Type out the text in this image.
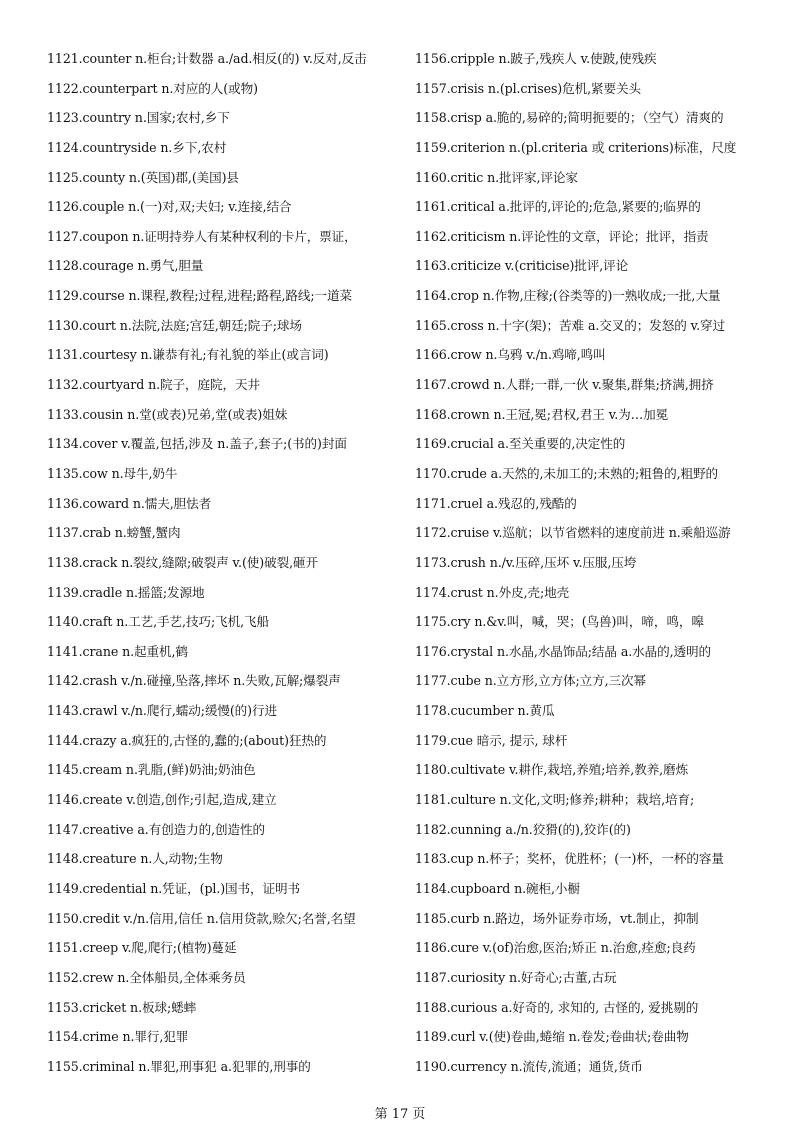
1121.counter n.柜台;计数器 a./ad.相反(的) v.反对,反击
1122.counterpart n.对应的人(或物)
1123.country n.国家;农村,乡下
1124.countryside n.乡下,农村
1125.county n.(英国)郡,(美国)县
1126.couple n.(一)对,双;夫妇; v.连接,结合
1127.coupon n.证明持券人有某种权利的卡片，票证，
1128.courage n.勇气,胆量
1129.course n.课程,教程;过程,进程;路程,路线;一道菜
1130.court n.法院,法庭;宫廷,朝廷;院子;球场
1131.courtesy n.谦恭有礼;有礼貌的举止(或言词)
1132.courtyard n.院子，庭院，天井
1133.cousin n.堂(或表)兄弟,堂(或表)姐妹
1134.cover v.覆盖,包括,涉及 n.盖子,套子;(书的)封面
1135.cow n.母牛,奶牛
1136.coward n.懦夫,胆怯者
1137.crab n.螃蟹,蟹肉
1138.crack n.裂纹,缝隙;破裂声 v.(使)破裂,砸开
1139.cradle n.摇篮;发源地
1140.craft n.工艺,手艺,技巧;飞机,飞船
1141.crane n.起重机,鹤
1142.crash v./n.碰撞,坠落,摔坏 n.失败,瓦解;爆裂声
1143.crawl v./n.爬行,蠕动;缓慢(的)行进
1144.crazy a.疯狂的,古怪的,蠢的;(about)狂热的
1145.cream n.乳脂,(鲜)奶油;奶油色
1146.create v.创造,创作;引起,造成,建立
1147.creative a.有创造力的,创造性的
1148.creature n.人,动物;生物
1149.credential n.凭证，(pl.)国书，证明书
1150.credit v./n.信用,信任 n.信用贷款,赊欠;名誉,名望
1151.creep v.爬,爬行;(植物)蔓延
1152.crew n.全体船员,全体乘务员
1153.cricket n.板球;蟋蟀
1154.crime n.罪行,犯罪
1155.criminal n.罪犯,刑事犯 a.犯罪的,刑事的
1156.cripple n.跛子,残疾人 v.使跛,使残疾
1157.crisis n.(pl.crises)危机,紧要关头
1158.crisp a.脆的,易碎的;简明扼要的；（空气）清爽的
1159.criterion n.(pl.criteria 或 criterions)标准，尺度
1160.critic n.批评家,评论家
1161.critical a.批评的,评论的;危急,紧要的;临界的
1162.criticism n.评论性的文章，评论；批评，指责
1163.criticize v.(criticise)批评,评论
1164.crop n.作物,庄稼;(谷类等的)一熟收成;一批,大量
1165.cross n.十字(架)；苦难 a.交叉的；发怒的 v.穿过
1166.crow n.乌鸦 v./n.鸡啼,鸣叫
1167.crowd n.人群;一群,一伙 v.聚集,群集;挤满,拥挤
1168.crown n.王冠,冕;君权,君王 v.为…加冕
1169.crucial a.至关重要的,决定性的
1170.crude a.天然的,未加工的;未熟的;粗鲁的,粗野的
1171.cruel a.残忍的,残酷的
1172.cruise v.巡航；以节省燃料的速度前进 n.乘船巡游
1173.crush n./v.压碎,压坏 v.压服,压垮
1174.crust n.外皮,壳;地壳
1175.cry n.&v.叫，喊，哭；(鸟兽)叫，啼，鸣，嗥
1176.crystal n.水晶,水晶饰品;结晶 a.水晶的,透明的
1177.cube n.立方形,立方体;立方,三次幂
1178.cucumber n.黄瓜
1179.cue 暗示, 提示, 球杆
1180.cultivate v.耕作,栽培,养殖;培养,教养,磨炼
1181.culture n.文化,文明;修养;耕种；栽培,培育;
1182.cunning a./n.狡猾(的),狡诈(的)
1183.cup n.杯子；奖杯，优胜杯；(一)杯，一杯的容量
1184.cupboard n.碗柜,小橱
1185.curb n.路边，场外证券市场，vt.制止，抑制
1186.cure v.(of)治愈,医治;矫正 n.治愈,痊愈;良药
1187.curiosity n.好奇心;古董,古玩
1188.curious a.好奇的, 求知的, 古怪的, 爱挑剔的
1189.curl v.(使)卷曲,蜷缩 n.卷发;卷曲状;卷曲物
1190.currency n.流传,流通；通货,货币
第 17 页
